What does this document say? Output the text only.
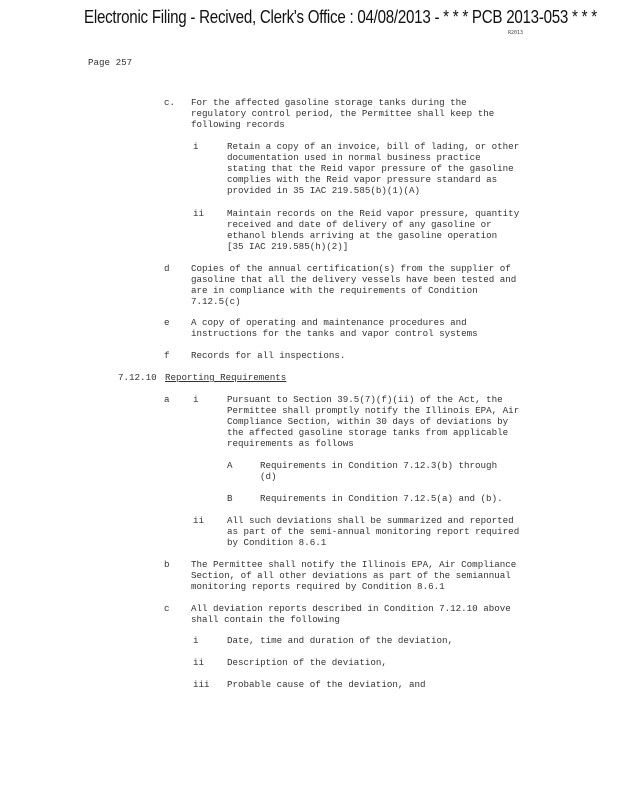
Electronic Filing - Recived, Clerk's Office : 04/08/2013 - * * * PCB 2013-053 * * *
R2013
Page 257
c. For the affected gasoline storage tanks during the
regulatory control period, the Permittee shall keep the
following records
i	Retain a copy of an invoice, bill of lading, or other
documentation used in normal business practice
stating that the Reid vapor pressure of the gasoline
complies with the Reid vapor pressure standard as
provided in 35 IAC 219.585(b)(1)(A)
ii Maintain records on the Reid vapor pressure, quantity
received and date of delivery of any gasoline or
ethanol blends arriving at the gasoline operation
[35 IAC 219.585(h)(2)]
d Copies of the annual certification(s) from the supplier of
gasoline that all the delivery vessels have been tested and
are in compliance with the requirements of Condition
7.12.5(c)
e A copy of operating and maintenance procedures and
instructions for the tanks and vapor control systems
f Records for all inspections.
7.12.10 Reporting Requirements
a	i	Pursuant to Section 39.5(7)(f)(ii) of the Act, the
Permittee shall promptly notify the Illinois EPA, Air
Compliance Section, within 30 days of deviations by
the affected gasoline storage tanks from applicable
requirements as follows
A	Requirements in Condition 7.12.3(b) through
(d)
B	Requirements in Condition 7.12.5(a) and (b).
ii All such deviations shall be summarized and reported
as part of the semi-annual monitoring report required
by Condition 8.6.1
b The Permittee shall notify the Illinois EPA, Air Compliance
Section, of all other deviations as part of the semiannual
monitoring reports required by Condition 8.6.1
c All deviation reports described in Condition 7.12.10 above
shall contain the following
i	Date, time and duration of the deviation,
ii Description of the deviation,
iii Probable cause of the deviation, and
